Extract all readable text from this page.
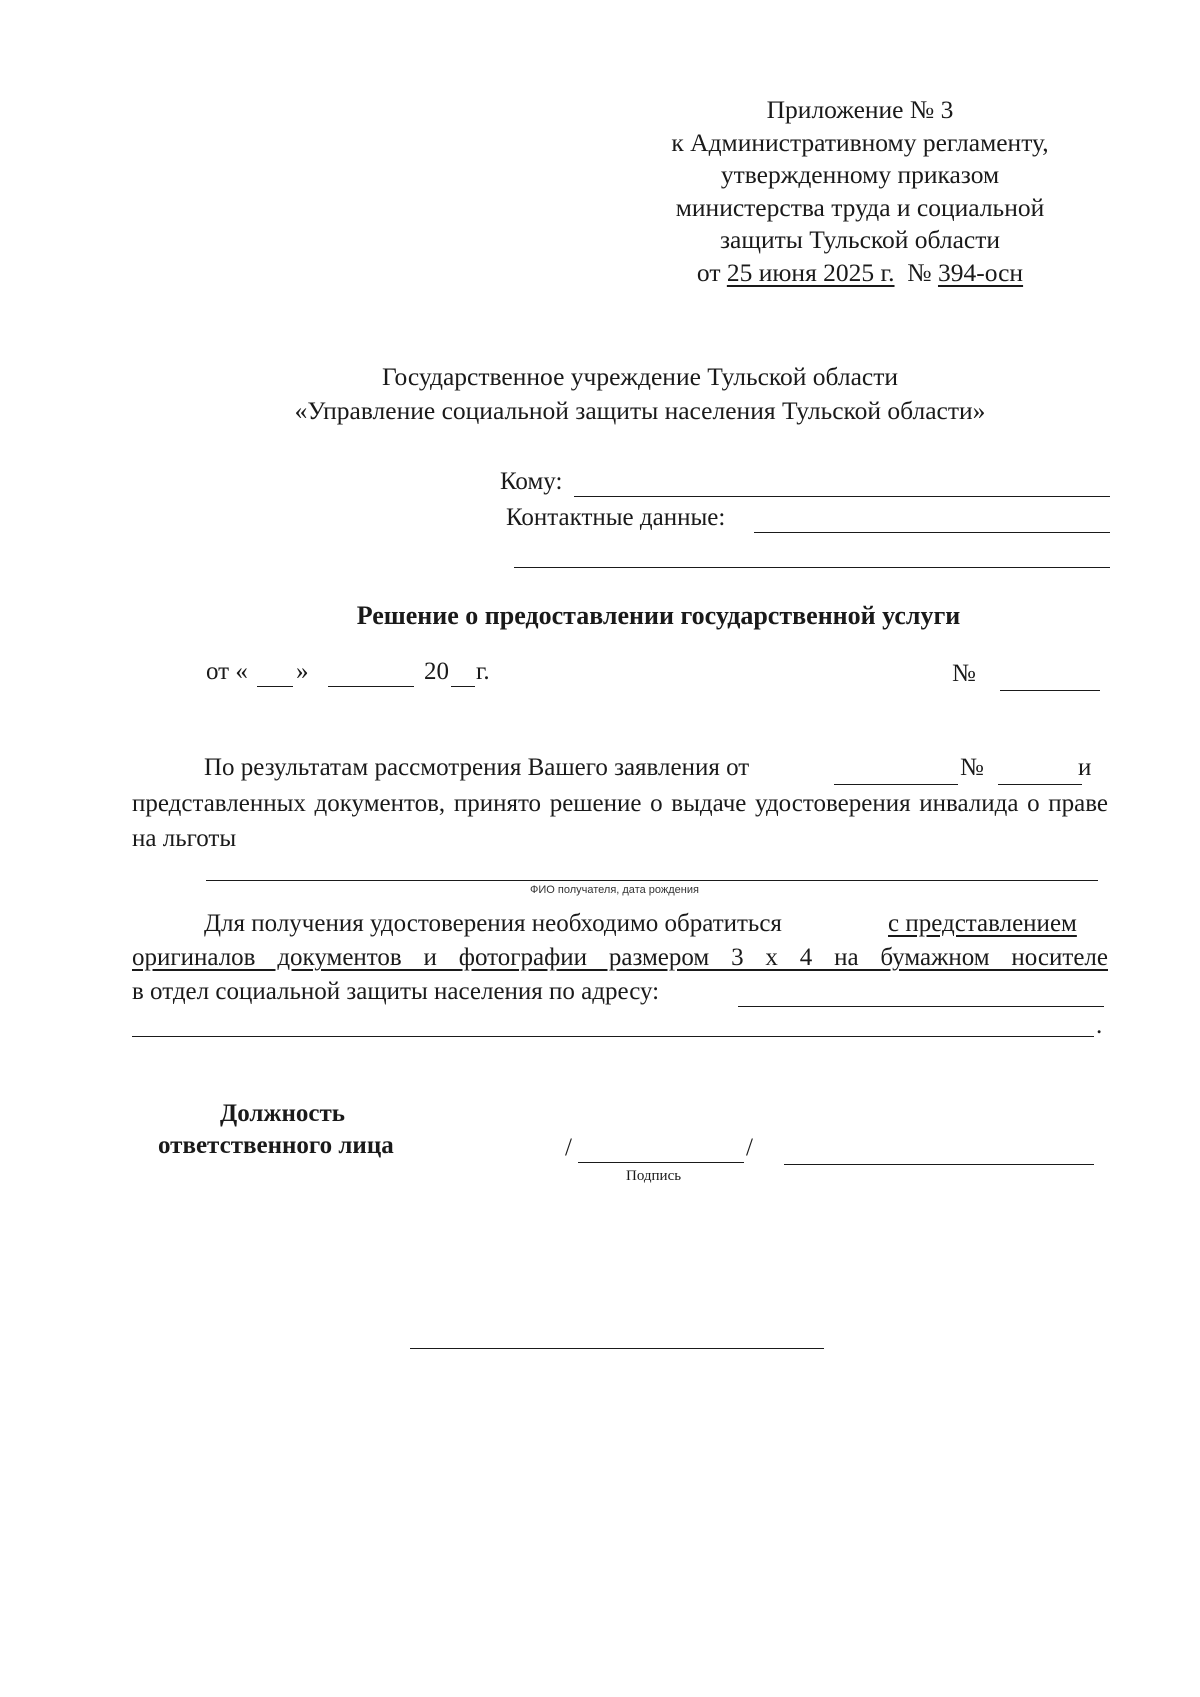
Приложение № 3
к Административному регламенту,
утвержденному приказом
министерства труда и социальной
защиты Тульской области
от 25 июня 2025 г. № 394-осн
Государственное учреждение Тульской области
«Управление социальной защиты населения Тульской области»
Кому:
Контактные данные:
Решение о предоставлении государственной услуги
от « »	20 г.	№
По результатам рассмотрения Вашего заявления от	№	и
представленных документов, принято решение о выдаче удостоверения инвалида о праве на льготы
ФИО получателя, дата рождения
Для получения удостоверения необходимо обратиться	с представлением
оригиналов документов и фотографии размером 3 х 4 на бумажном носителе
в отдел социальной защиты населения по адресу:
.
Должность
ответственного лица	/	/
Подпись
